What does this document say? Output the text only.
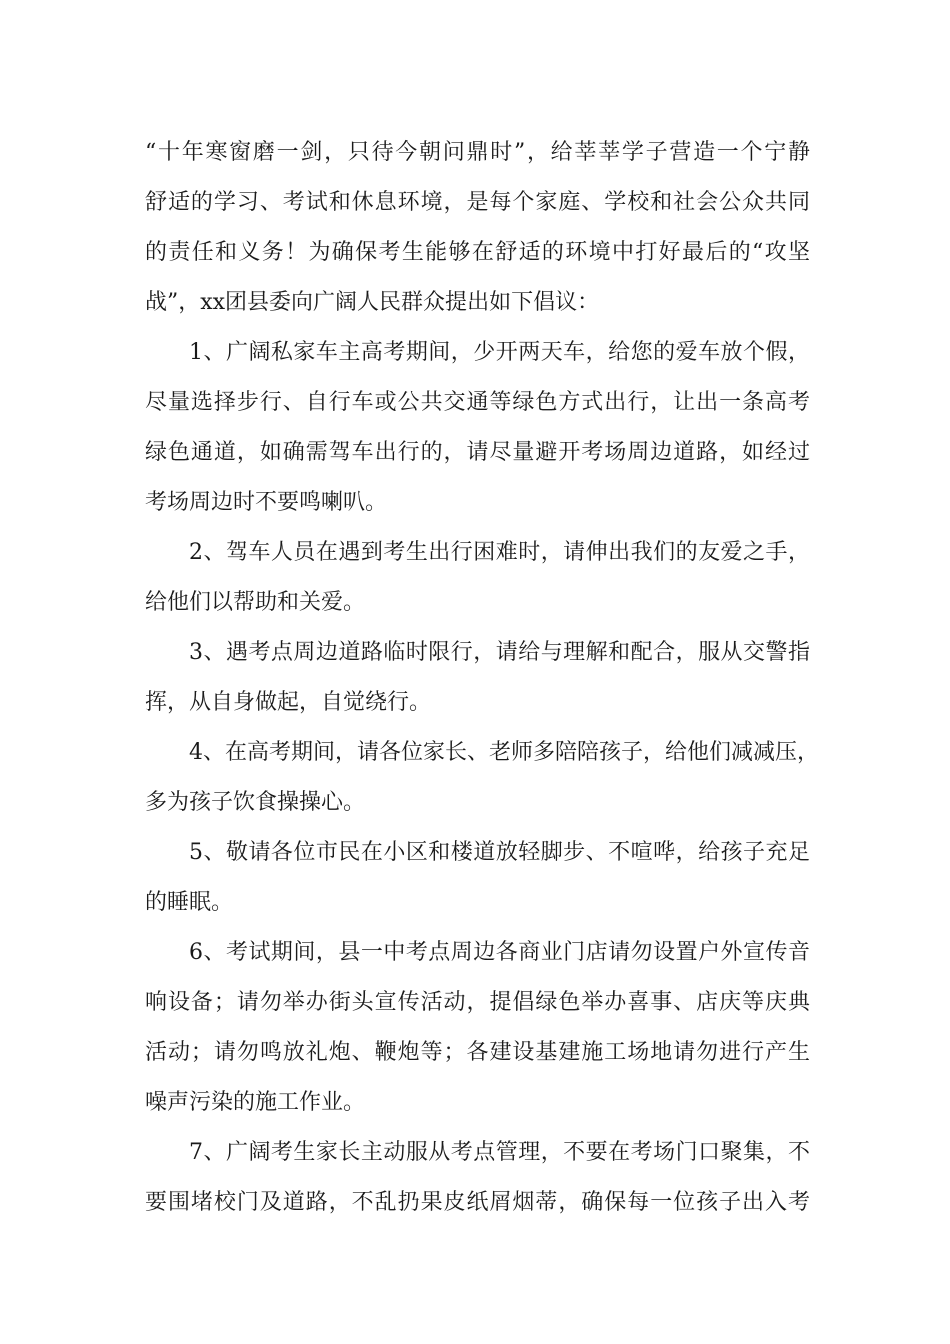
“十年寒窗磨一剑，只待今朝问鼎时”，给莘莘学子营造一个宁静
舒适的学习、考试和休息环境，是每个家庭、学校和社会公众共同
的责任和义务！为确保考生能够在舒适的环境中打好最后的“攻坚
战”，xx团县委向广阔人民群众提出如下倡议：
1、广阔私家车主高考期间，少开两天车，给您的爱车放个假，
尽量选择步行、自行车或公共交通等绿色方式出行，让出一条高考
绿色通道，如确需驾车出行的，请尽量避开考场周边道路，如经过
考场周边时不要鸣喇叭。
2、驾车人员在遇到考生出行困难时，请伸出我们的友爱之手，
给他们以帮助和关爱。
3、遇考点周边道路临时限行，请给与理解和配合，服从交警指
挥，从自身做起，自觉绕行。
4、在高考期间，请各位家长、老师多陪陪孩子，给他们减减压，
多为孩子饮食操操心。
5、敬请各位市民在小区和楼道放轻脚步、不喧哗，给孩子充足
的睡眠。
6、考试期间，县一中考点周边各商业门店请勿设置户外宣传音
响设备；请勿举办街头宣传活动，提倡绿色举办喜事、店庆等庆典
活动；请勿鸣放礼炮、鞭炮等；各建设基建施工场地请勿进行产生
噪声污染的施工作业。
7、广阔考生家长主动服从考点管理，不要在考场门口聚集，不
要围堵校门及道路，不乱扔果皮纸屑烟蒂，确保每一位孩子出入考
